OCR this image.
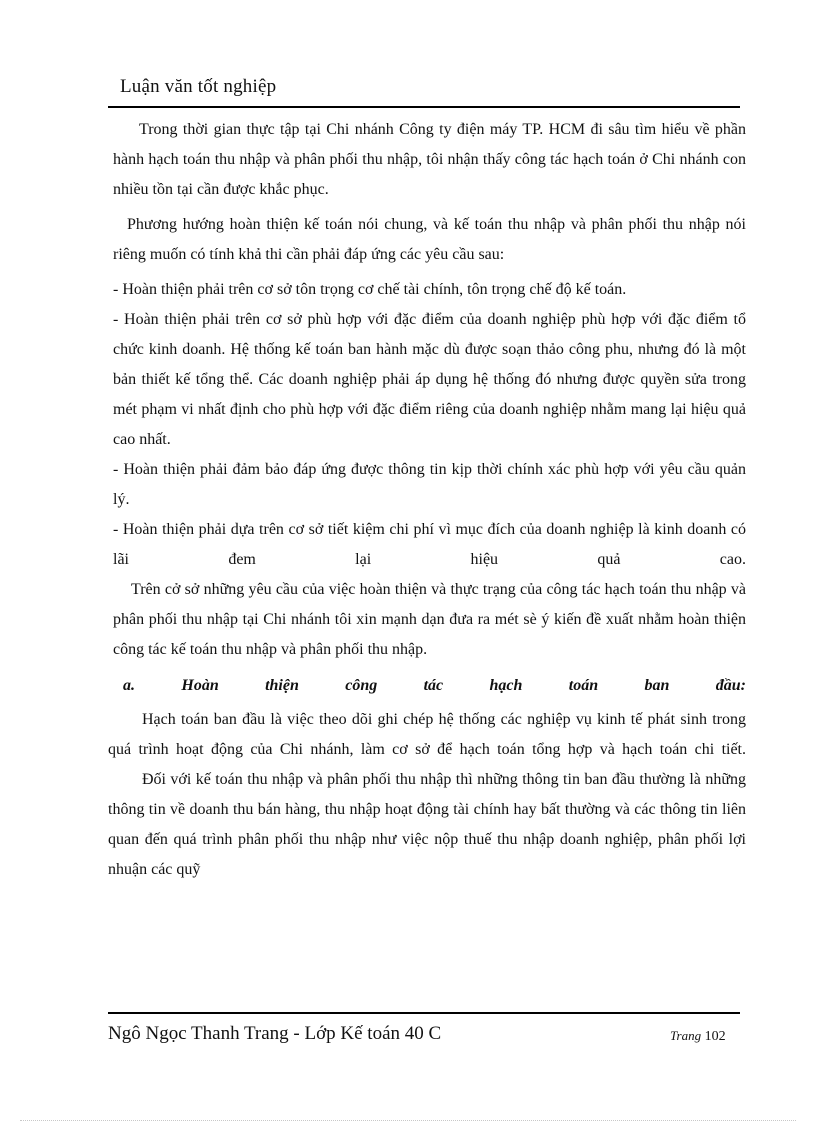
Luận văn tốt nghiệp

Trong thời gian thực tập tại Chi nhánh Công ty điện máy TP. HCM đi sâu tìm hiểu về phần hành hạch toán thu nhập và phân phối thu nhập, tôi nhận thấy công tác hạch toán ở Chi nhánh con nhiều tồn tại cần được khắc phục.

Phương hướng hoàn thiện kế toán nói chung, và kế toán thu nhập và phân phối thu nhập nói riêng muốn có tính khả thi cần phải đáp ứng các yêu cầu sau:

- Hoàn thiện phải trên cơ sở tôn trọng cơ chế tài chính, tôn trọng chế độ kế toán.

- Hoàn thiện phải trên cơ sở phù hợp với đặc điểm của doanh nghiệp phù hợp với đặc điểm tổ chức kinh doanh. Hệ thống kế toán ban hành mặc dù được soạn thảo công phu, nhưng đó là một bản thiết kế tổng thể. Các doanh nghiệp phải áp dụng hệ thống đó nhưng được quyền sửa trong mét phạm vi nhất định cho phù hợp với đặc điểm riêng của doanh nghiệp nhằm mang lại hiệu quả cao nhất.

- Hoàn thiện phải đảm bảo đáp ứng được thông tin kịp thời chính xác phù hợp với yêu cầu quản lý.

- Hoàn thiện phải dựa trên cơ sở tiết kiệm chi phí vì mục đích của doanh nghiệp là kinh doanh có lãi đem lại hiệu quả cao.

Trên cở sở những yêu cầu của việc hoàn thiện và thực trạng của công tác hạch toán thu nhập và phân phối thu nhập tại Chi nhánh tôi xin mạnh dạn đưa ra mét sè ý kiến đề xuất nhằm hoàn thiện công tác kế toán thu nhập và phân phối thu nhập.

a. Hoàn thiện công tác hạch toán ban đầu:

Hạch toán ban đầu là việc theo dõi ghi chép hệ thống các nghiệp vụ kinh tế phát sinh trong quá trình hoạt động của Chi nhánh, làm cơ sở để hạch toán tổng hợp và hạch toán chi tiết.

Đối với kế toán thu nhập và phân phối thu nhập thì những thông tin ban đầu thường là những thông tin về doanh thu bán hàng, thu nhập hoạt động tài chính hay bất thường và các thông tin liên quan đến quá trình phân phối thu nhập như việc nộp thuế thu nhập doanh nghiệp, phân phối lợi nhuận các quỹ

Ngô Ngọc Thanh Trang - Lớp Kế toán 40 C	Trang 102
